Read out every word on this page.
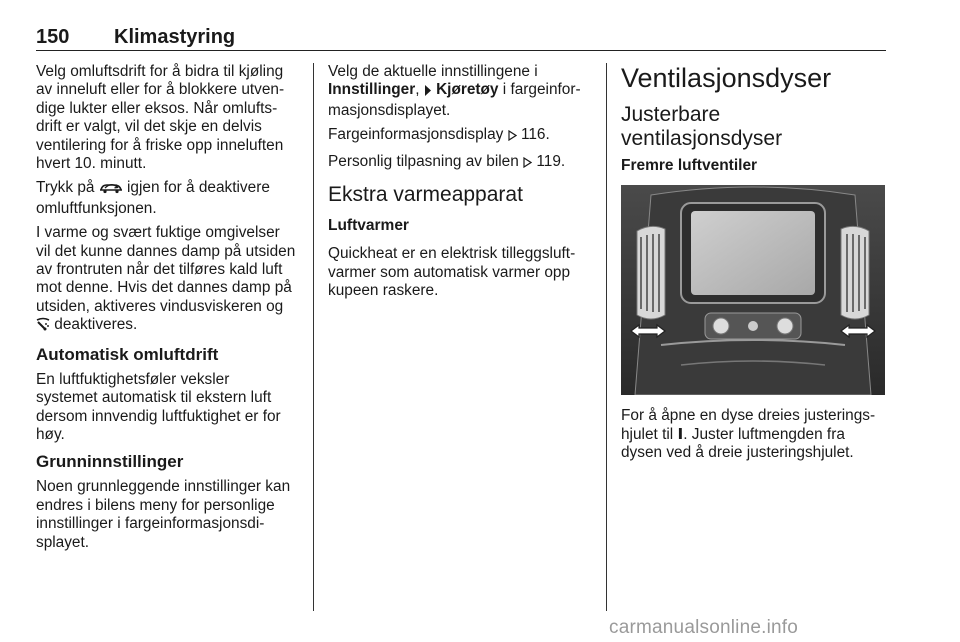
150 Klimastyring

Velg omluftsdrift for å bidra til kjøling
av inneluft eller for å blokkere utven-
dige lukter eller eksos. Når omlufts-
drift er valgt, vil det skje en delvis
ventilering for å friske opp inneluften
hvert 10. minutt.

Trykk på igjen for å deaktivere
omluftfunksjonen.

I varme og svært fuktige omgivelser
vil det kunne dannes damp på utsiden
av frontruten når det tilføres kald luft
mot denne. Hvis det dannes damp på
utsiden, aktiveres vindusviskeren og
deaktiveres.

Automatisk omluftdrift

En luftfuktighetsføler veksler
systemet automatisk til ekstern luft
dersom innvendig luftfuktighet er for
høy.

Grunninnstillinger

Noen grunnleggende innstillinger kan
endres i bilens meny for personlige
innstillinger i fargeinformasjonsdi-
splayet.

Velg de aktuelle innstillingene i
Innstillinger, Kjøretøy i fargeinfor-
masjonsdisplayet.

Fargeinformasjonsdisplay 116.

Personlig tilpasning av bilen 119.

Ekstra varmeapparat
Luftvarmer

Quickheat er en elektrisk tilleggsluft-
varmer som automatisk varmer opp
kupeen raskere.

Ventilasjonsdyser
Justerbare
ventilasjonsdyser
Fremre luftventiler

For å åpne en dyse dreies justerings-
hjulet til Ⅰ. Juster luftmengden fra
dysen ved å dreie justeringshjulet.

carmanualsonline.info
